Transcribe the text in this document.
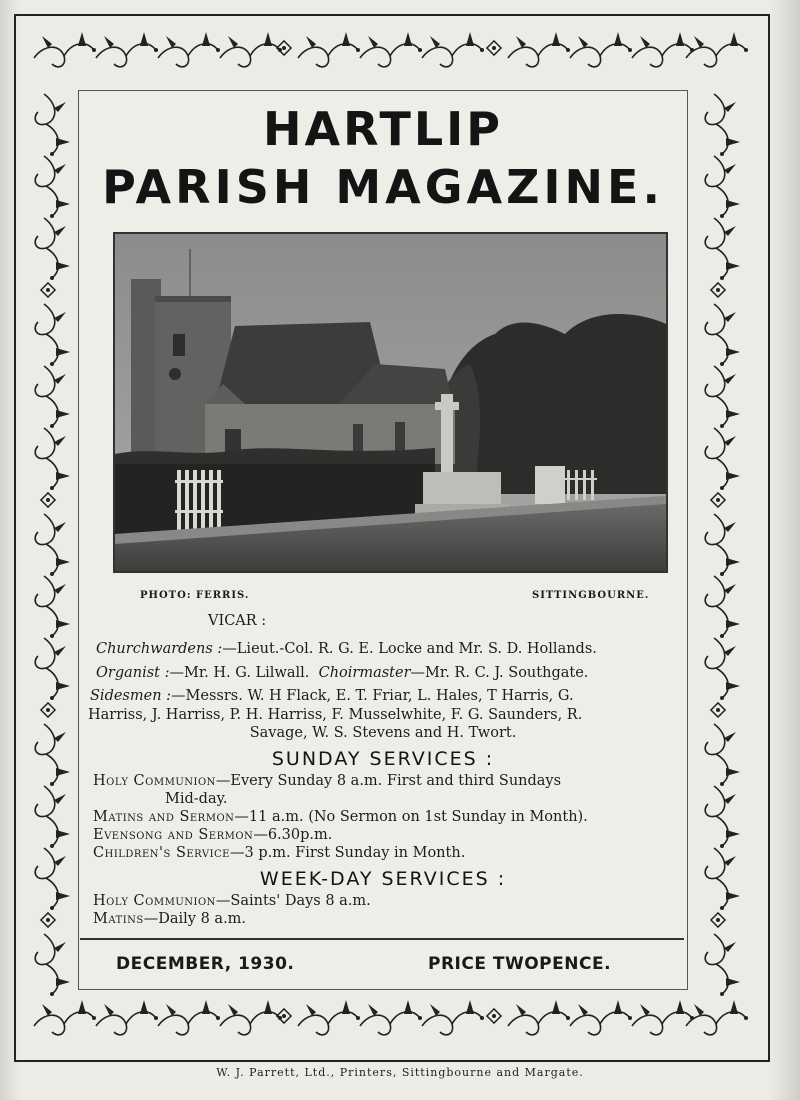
HARTLIP
PARISH MAGAZINE.
PHOTO: FERRIS.	SITTINGBOURNE.
VICAR :
Churchwardens :—Lieut.-Col. R. G. E. Locke and Mr. S. D. Hollands.
Organist :—Mr. H. G. Lilwall. Choirmaster—Mr. R. C. J. Southgate.
Sidesmen :—Messrs. W. H Flack, E. T. Friar, L. Hales, T Harris, G.
Harriss, J. Harriss, P. H. Harriss, F. Musselwhite, F. G. Saunders, R.
Savage, W. S. Stevens and H. Twort.
SUNDAY SERVICES :
Holy Communion—Every Sunday 8 a.m. First and third Sundays
Mid-day.
Matins and Sermon—11 a.m. (No Sermon on 1st Sunday in Month).
Evensong and Sermon—6.30p.m.
Children's Service—3 p.m. First Sunday in Month.
WEEK-DAY SERVICES :
Holy Communion—Saints' Days 8 a.m.
Matins—Daily 8 a.m.
DECEMBER, 1930.	PRICE TWOPENCE.
W. J. Parrett, Ltd., Printers, Sittingbourne and Margate.
